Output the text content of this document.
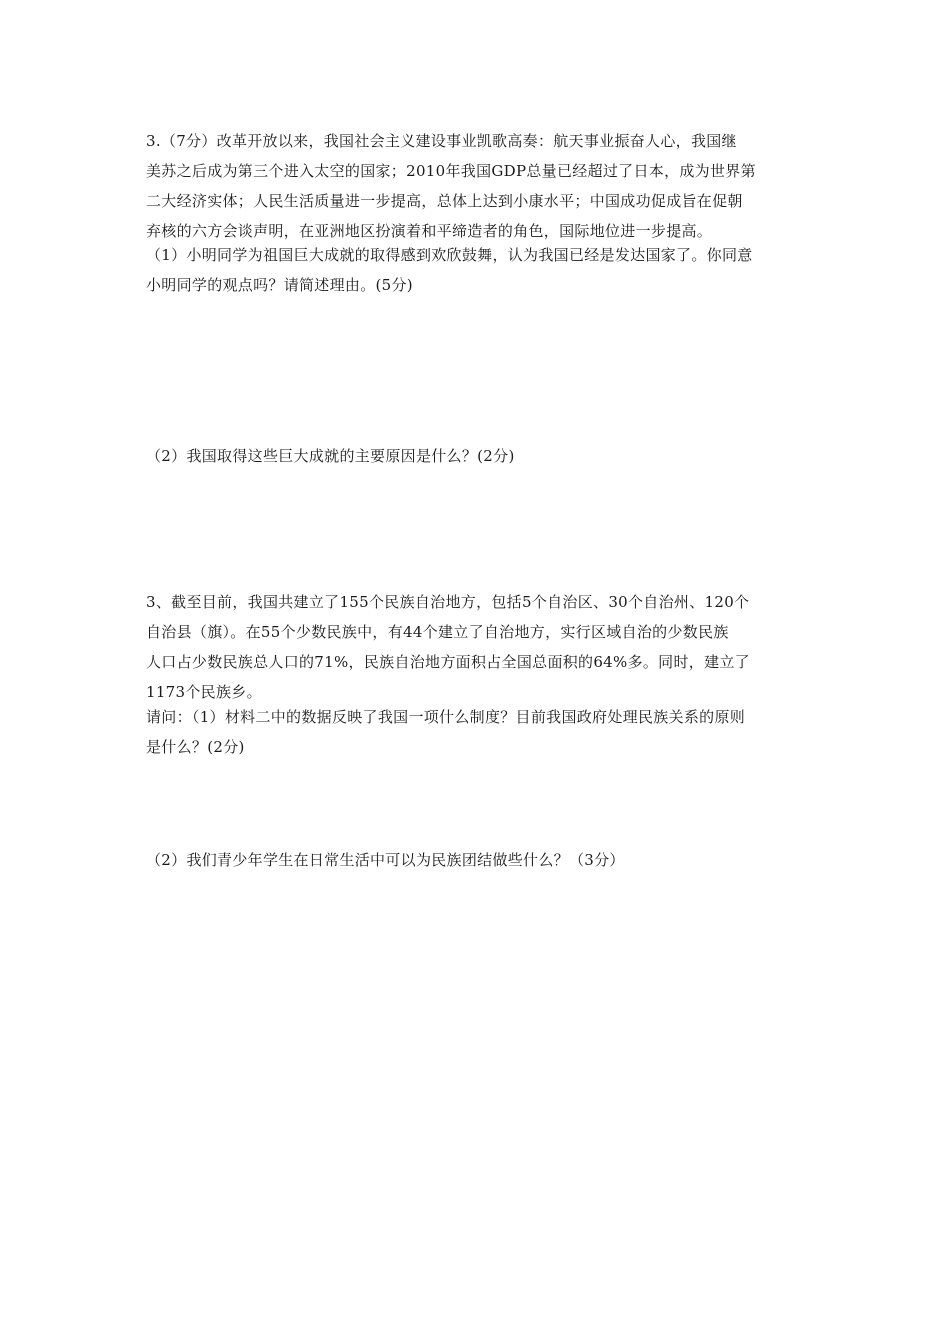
3.（7分）改革开放以来，我国社会主义建设事业凯歌高奏：航天事业振奋人心，我国继
美苏之后成为第三个进入太空的国家；2010年我国GDP总量已经超过了日本，成为世界第
二大经济实体；人民生活质量进一步提高，总体上达到小康水平；中国成功促成旨在促朝
弃核的六方会谈声明，在亚洲地区扮演着和平缔造者的角色，国际地位进一步提高。
（1）小明同学为祖国巨大成就的取得感到欢欣鼓舞，认为我国已经是发达国家了。你同意
小明同学的观点吗？请简述理由。(5分)
（2）我国取得这些巨大成就的主要原因是什么？(2分)
3、截至目前，我国共建立了155个民族自治地方，包括5个自治区、30个自治州、120个
自治县（旗）。在55个少数民族中，有44个建立了自治地方，实行区域自治的少数民族
人口占少数民族总人口的71%，民族自治地方面积占全国总面积的64%多。同时，建立了
1173个民族乡。
请问：（1）材料二中的数据反映了我国一项什么制度？目前我国政府处理民族关系的原则
是什么？(2分)
（2）我们青少年学生在日常生活中可以为民族团结做些什么？（3分）
